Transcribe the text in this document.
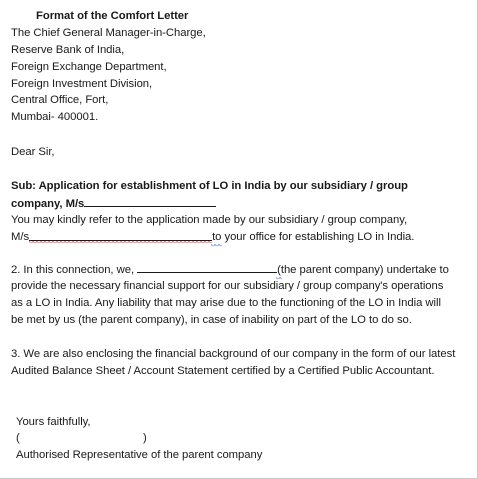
Format of the Comfort Letter
The Chief General Manager-in-Charge,
Reserve Bank of India,
Foreign Exchange Department,
Foreign Investment Division,
Central Office, Fort,
Mumbai- 400001.
Dear Sir,
Sub: Application for establishment of LO in India by our subsidiary / group
company, M/s
You may kindly refer to the application made by our subsidiary / group company,
M/s	to your office for establishing LO in India.
2. In this connection, we,	(the parent company) undertake to
provide the necessary financial support for our subsidiary / group company's operations
as a LO in India. Any liability that may arise due to the functioning of the LO in India will
be met by us (the parent company), in case of inability on part of the LO to do so.
3. We are also enclosing the financial background of our company in the form of our latest
Audited Balance Sheet / Account Statement certified by a Certified Public Accountant.
Yours faithfully,
(	)
Authorised Representative of the parent company
